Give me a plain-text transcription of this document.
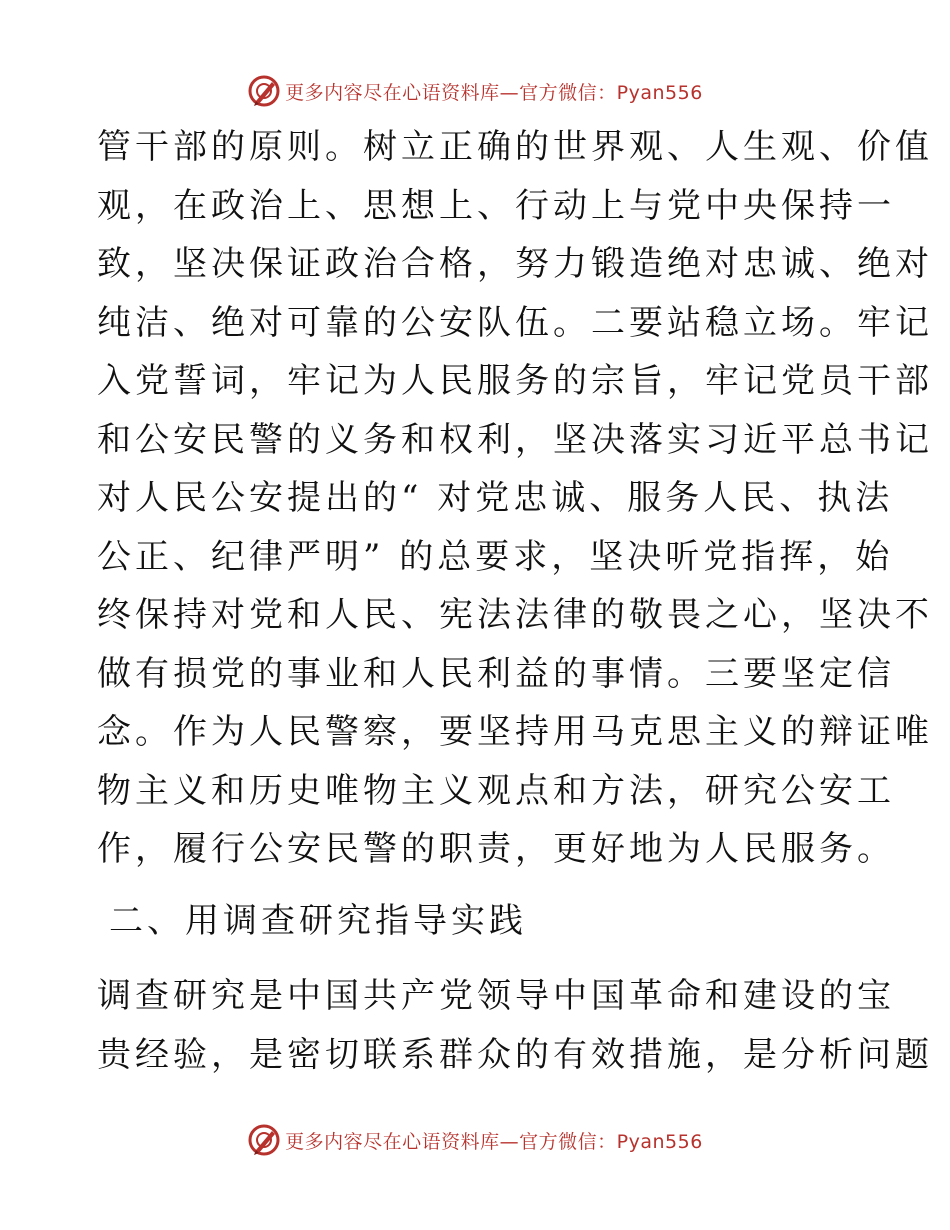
更多内容尽在心语资料库—官方微信：Pyan556
管干部的原则。树立正确的世界观、人生观、价值
观，在政治上、思想上、行动上与党中央保持一
致，坚决保证政治合格，努力锻造绝对忠诚、绝对
纯洁、绝对可靠的公安队伍。二要站稳立场。牢记
入党誓词，牢记为人民服务的宗旨，牢记党员干部
和公安民警的义务和权利，坚决落实习近平总书记
对人民公安提出的“ 对党忠诚、服务人民、执法
公正、纪律严明” 的总要求，坚决听党指挥，始
终保持对党和人民、宪法法律的敬畏之心，坚决不
做有损党的事业和人民利益的事情。三要坚定信
念。作为人民警察，要坚持用马克思主义的辩证唯
物主义和历史唯物主义观点和方法，研究公安工
作，履行公安民警的职责，更好地为人民服务。
二、用调查研究指导实践
调查研究是中国共产党领导中国革命和建设的宝
贵经验，是密切联系群众的有效措施，是分析问题
更多内容尽在心语资料库—官方微信：Pyan556
